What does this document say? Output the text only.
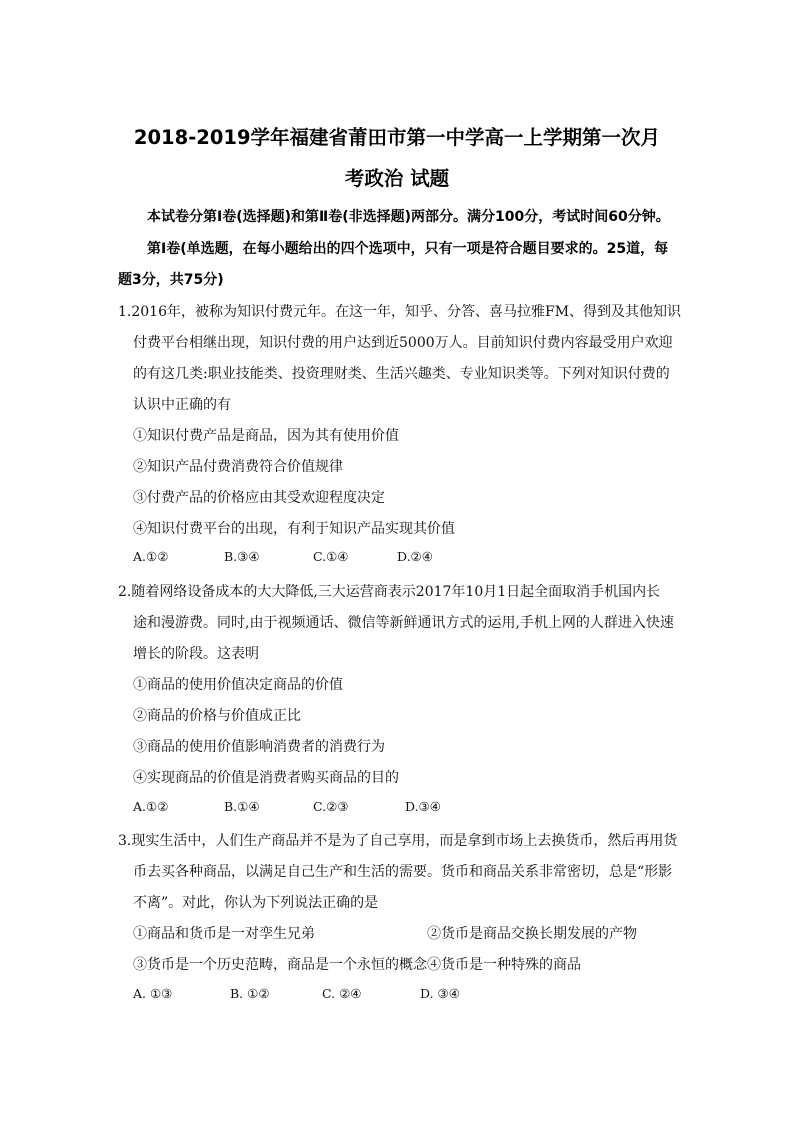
2018-2019学年福建省莆田市第一中学高一上学期第一次月
考政治 试题
本试卷分第Ⅰ卷(选择题)和第Ⅱ卷(非选择题)两部分。满分100分，考试时间60分钟。
第Ⅰ卷(单选题，在每小题给出的四个选项中，只有一项是符合题目要求的。25道，每
题3分，共75分)
1.2016年，被称为知识付费元年。在这一年，知乎、分答、喜马拉雅FM、得到及其他知识
付费平台相继出现，知识付费的用户达到近5000万人。目前知识付费内容最受用户欢迎
的有这几类:职业技能类、投资理财类、生活兴趣类、专业知识类等。下列对知识付费的
认识中正确的有
①知识付费产品是商品，因为其有使用价值
②知识产品付费消费符合价值规律
③付费产品的价格应由其受欢迎程度决定
④知识付费平台的出现，有利于知识产品实现其价值
A.①②	B.③④	C.①④	D.②④
2.随着网络设备成本的大大降低,三大运营商表示2017年10月1日起全面取消手机国内长
途和漫游费。同时,由于视频通话、微信等新鲜通讯方式的运用,手机上网的人群进入快速
增长的阶段。这表明
①商品的使用价值决定商品的价值
②商品的价格与价值成正比
③商品的使用价值影响消费者的消费行为
④实现商品的价值是消费者购买商品的目的
A.①②	B.①④	C.②③	D.③④
3.现实生活中，人们生产商品并不是为了自己享用，而是拿到市场上去换货币，然后再用货
币去买各种商品，以满足自己生产和生活的需要。货币和商品关系非常密切，总是“形影
不离”。对此，你认为下列说法正确的是
①商品和货币是一对孪生兄弟	②货币是商品交换长期发展的产物
③货币是一个历史范畴，商品是一个永恒的概念④货币是一种特殊的商品
A. ①③	B. ①②	C. ②④	D. ③④
